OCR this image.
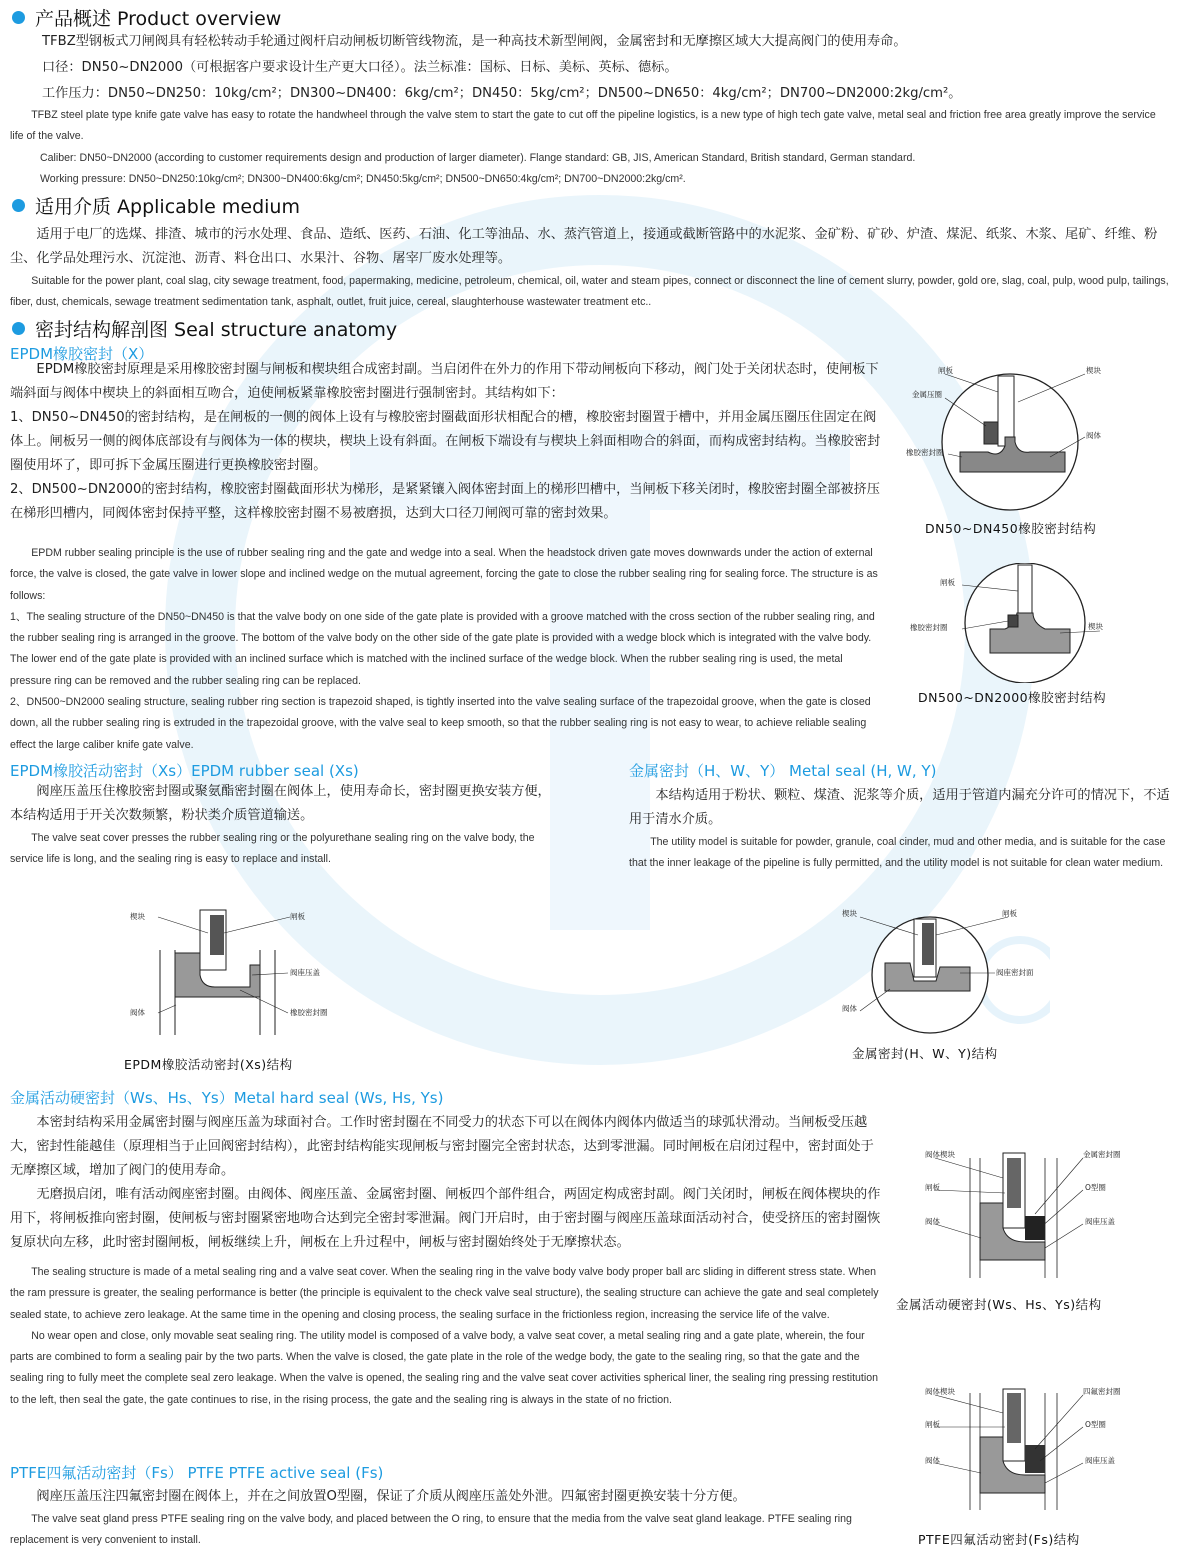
产品概述 Product overview

TFBZ型钢板式刀闸阀具有轻松转动手轮通过阀杆启动闸板切断管线物流，是一种高技术新型闸阀，金属密封和无摩擦区域大大提高阀门的使用寿命。

口径：DN50~DN2000（可根据客户要求设计生产更大口径）。法兰标准：国标、日标、美标、英标、德标。

工作压力：DN50~DN250：10kg/cm²；DN300~DN400：6kg/cm²；DN450：5kg/cm²；DN500~DN650：4kg/cm²；DN700~DN2000:2kg/cm²。

TFBZ steel plate type knife gate valve has easy to rotate the handwheel through the valve stem to start the gate to cut off the pipeline logistics, is a new type of high tech gate valve, metal seal and friction free area greatly improve the service life of the valve.

Caliber: DN50~DN2000 (according to customer requirements design and production of larger diameter). Flange standard: GB, JIS, American Standard, British standard, German standard.

Working pressure: DN50~DN250:10kg/cm²; DN300~DN400:6kg/cm²; DN450:5kg/cm²; DN500~DN650:4kg/cm²; DN700~DN2000:2kg/cm².

适用介质 Applicable medium

适用于电厂的选煤、排渣、城市的污水处理、食品、造纸、医药、石油、化工等油品、水、蒸汽管道上，接通或截断管路中的水泥浆、金矿粉、矿砂、炉渣、煤泥、纸浆、木浆、尾矿、纤维、粉尘、化学品处理污水、沉淀池、沥青、料仓出口、水果汁、谷物、屠宰厂废水处理等。

Suitable for the power plant, coal slag, city sewage treatment, food, papermaking, medicine, petroleum, chemical, oil, water and steam pipes, connect or disconnect the line of cement slurry, powder, gold ore, slag, coal, pulp, wood pulp, tailings, fiber, dust, chemicals, sewage treatment sedimentation tank, asphalt, outlet, fruit juice, cereal, slaughterhouse wastewater treatment etc..

密封结构解剖图 Seal structure anatomy
EPDM橡胶密封（X）

EPDM橡胶密封原理是采用橡胶密封圈与闸板和楔块组合成密封副。当启闭件在外力的作用下带动闸板向下移动，阀门处于关闭状态时，使闸板下端斜面与阀体中楔块上的斜面相互吻合，迫使闸板紧靠橡胶密封圈进行强制密封。其结构如下：

1、DN50~DN450的密封结构，是在闸板的一侧的阀体上设有与橡胶密封圈截面形状相配合的槽，橡胶密封圈置于槽中，并用金属压圈压住固定在阀体上。闸板另一侧的阀体底部设有与阀体为一体的楔块，楔块上设有斜面。在闸板下端设有与楔块上斜面相吻合的斜面，而构成密封结构。当橡胶密封圈使用坏了，即可拆下金属压圈进行更换橡胶密封圈。

2、DN500~DN2000的密封结构，橡胶密封圈截面形状为梯形，是紧紧镶入阀体密封面上的梯形凹槽中，当闸板下移关闭时，橡胶密封圈全部被挤压在梯形凹槽内，同阀体密封保持平整，这样橡胶密封圈不易被磨损，达到大口径刀闸阀可靠的密封效果。

EPDM rubber sealing principle is the use of rubber sealing ring and the gate and wedge into a seal. When the headstock driven gate moves downwards under the action of external force, the valve is closed, the gate valve in lower slope and inclined wedge on the mutual agreement, forcing the gate to close the rubber sealing ring for sealing force. The structure is as follows:

1、The sealing structure of the DN50~DN450 is that the valve body on one side of the gate plate is provided with a groove matched with the cross section of the rubber sealing ring, and the rubber sealing ring is arranged in the groove. The bottom of the valve body on the other side of the gate plate is provided with a wedge block which is integrated with the valve body. The lower end of the gate plate is provided with an inclined surface which is matched with the inclined surface of the wedge block. When the rubber sealing ring is used, the metal pressure ring can be removed and the rubber sealing ring can be replaced.

2、DN500~DN2000 sealing structure, sealing rubber ring section is trapezoid shaped, is tightly inserted into the valve sealing surface of the trapezoidal groove, when the gate is closed down, all the rubber sealing ring is extruded in the trapezoidal groove, with the valve seal to keep smooth, so that the rubber sealing ring is not easy to wear, to achieve reliable sealing effect the large caliber knife gate valve.

闸板	楔块
金属压圈
阀体
橡胶密封圈
DN50~DN450橡胶密封结构
闸板
橡胶密封圈	楔块
DN500~DN2000橡胶密封结构
EPDM橡胶活动密封（Xs）EPDM rubber seal (Xs)

阀座压盖压住橡胶密封圈或聚氨酯密封圈在阀体上，使用寿命长，密封圈更换安装方便，本结构适用于开关次数频繁，粉状类介质管道输送。

The valve seat cover presses the rubber sealing ring or the polyurethane sealing ring on the valve body, the service life is long, and the sealing ring is easy to replace and install.

金属密封（H、W、Y） Metal seal (H, W, Y)

本结构适用于粉状、颗粒、煤渣、泥浆等介质，适用于管道内漏充分许可的情况下，不适用于清水介质。

The utility model is suitable for powder, granule, coal cinder, mud and other media, and is suitable for the case that the inner leakage of the pipeline is fully permitted, and the utility model is not suitable for clean water medium.

楔块	闸板
阀座压盖
阀体	橡胶密封圈
EPDM橡胶活动密封(Xs)结构
楔块	闸板
阀座密封面
阀体
金属密封(H、W、Y)结构
金属活动硬密封（Ws、Hs、Ys）Metal hard seal (Ws, Hs, Ys)

本密封结构采用金属密封圈与阀座压盖为球面衬合。工作时密封圈在不同受力的状态下可以在阀体内阀体内做适当的球弧状滑动。当闸板受压越大，密封性能越佳（原理相当于止回阀密封结构），此密封结构能实现闸板与密封圈完全密封状态，达到零泄漏。同时闸板在启闭过程中，密封面处于无摩擦区域，增加了阀门的使用寿命。

无磨损启闭，唯有活动阀座密封圈。由阀体、阀座压盖、金属密封圈、闸板四个部件组合，两固定构成密封副。阀门关闭时，闸板在阀体楔块的作用下，将闸板推向密封圈，使闸板与密封圈紧密地吻合达到完全密封零泄漏。阀门开启时，由于密封圈与阀座压盖球面活动衬合，使受挤压的密封圈恢复原状向左移，此时密封圈闸板，闸板继续上升，闸板在上升过程中，闸板与密封圈始终处于无摩擦状态。

The sealing structure is made of a metal sealing ring and a valve seat cover. When the sealing ring in the valve body valve body proper ball arc sliding in different stress state. When the ram pressure is greater, the sealing performance is better (the principle is equivalent to the check valve seal structure), the sealing structure can achieve the gate and seal completely sealed state, to achieve zero leakage. At the same time in the opening and closing process, the sealing surface in the frictionless region, increasing the service life of the valve.

No wear open and close, only movable seat sealing ring. The utility model is composed of a valve body, a valve seat cover, a metal sealing ring and a gate plate, wherein, the four parts are combined to form a sealing pair by the two parts. When the valve is closed, the gate plate in the role of the wedge body, the gate to the sealing ring, so that the gate and the sealing ring to fully meet the complete seal zero leakage. When the valve is opened, the sealing ring and the valve seat cover activities spherical liner, the sealing ring pressing restitution to the left, then seal the gate, the gate continues to rise, in the rising process, the gate and the sealing ring is always in the state of no friction.

阀体楔块	金属密封圈
闸板	O型圈
阀体	阀座压盖
金属活动硬密封(Ws、Hs、Ys)结构
PTFE四氟活动密封（Fs） PTFE PTFE active seal (Fs)

阀座压盖压注四氟密封圈在阀体上，并在之间放置O型圈，保证了介质从阀座压盖处外泄。四氟密封圈更换安装十分方便。

The valve seat gland press PTFE sealing ring on the valve body, and placed between the O ring, to ensure that the media from the valve seat gland leakage. PTFE sealing ring replacement is very convenient to install.

阀体楔块	四氟密封圈
闸板	O型圈
阀体	阀座压盖
PTFE四氟活动密封(Fs)结构
